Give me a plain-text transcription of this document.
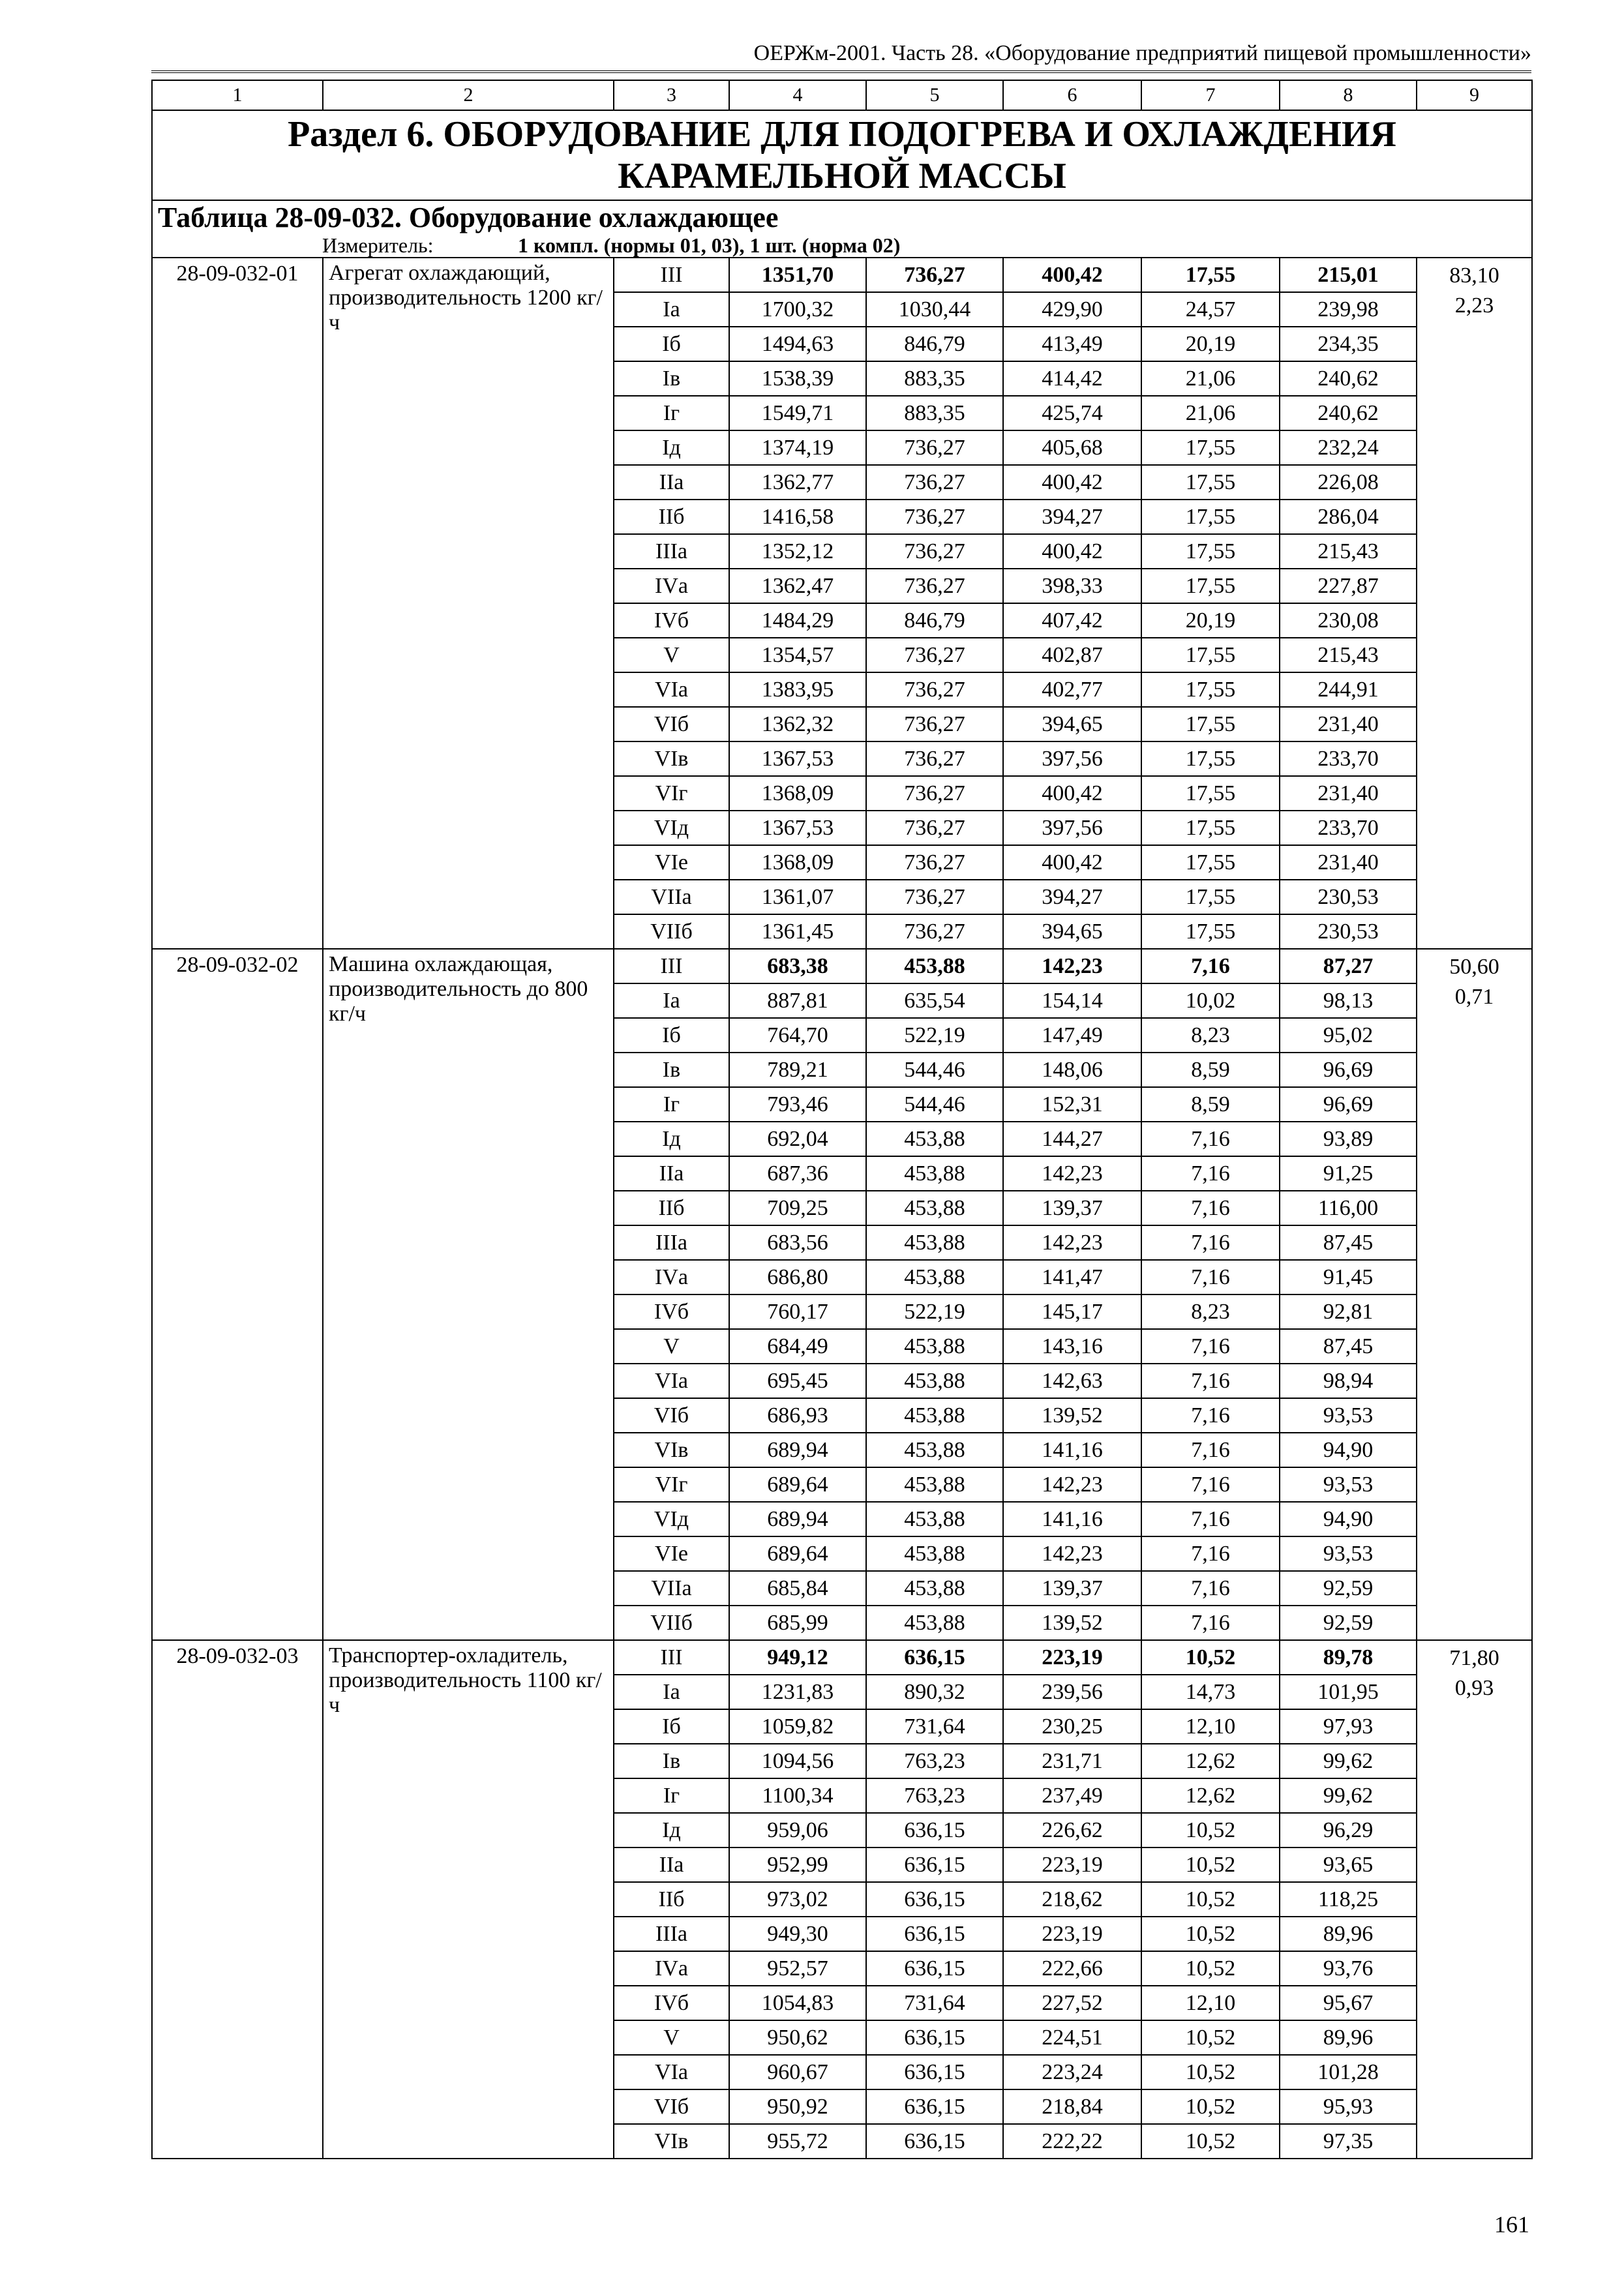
ОЕРЖм-2001. Часть 28. «Оборудование предприятий пищевой промышленности»
1	2	3	4	5	6	7	8	9
Раздел 6. ОБОРУДОВАНИЕ ДЛЯ ПОДОГРЕВА И ОХЛАЖДЕНИЯ КАРАМЕЛЬНОЙ МАССЫ								

Таблица 28-09-032. Оборудование охлаждающее
Измеритель: 1 компл. (нормы 01, 03), 1 шт. (норма 02)								

28-09-032-01	Агрегат охлаждающий, производительность 1200 кг/ч	III	1351,70	736,27	400,42	17,55	215,01	83,10
2,23

		Iа	1700,32	1030,44	429,90	24,57	239,98	
		Iб	1494,63	846,79	413,49	20,19	234,35	
		Iв	1538,39	883,35	414,42	21,06	240,62	
		Iг	1549,71	883,35	425,74	21,06	240,62	
		Iд	1374,19	736,27	405,68	17,55	232,24	
		IIа	1362,77	736,27	400,42	17,55	226,08	
		IIб	1416,58	736,27	394,27	17,55	286,04	
		IIIа	1352,12	736,27	400,42	17,55	215,43	
		IVа	1362,47	736,27	398,33	17,55	227,87	
		IVб	1484,29	846,79	407,42	20,19	230,08	
		V	1354,57	736,27	402,87	17,55	215,43	
		VIа	1383,95	736,27	402,77	17,55	244,91	
		VIб	1362,32	736,27	394,65	17,55	231,40	
		VIв	1367,53	736,27	397,56	17,55	233,70	
		VIг	1368,09	736,27	400,42	17,55	231,40	
		VIд	1367,53	736,27	397,56	17,55	233,70	
		VIе	1368,09	736,27	400,42	17,55	231,40	
		VIIа	1361,07	736,27	394,27	17,55	230,53	
		VIIб	1361,45	736,27	394,65	17,55	230,53	
28-09-032-02	Машина охлаждающая, производительность до 800 кг/ч	III	683,38	453,88	142,23	7,16	87,27	50,60
0,71

		Iа	887,81	635,54	154,14	10,02	98,13	
		Iб	764,70	522,19	147,49	8,23	95,02	
		Iв	789,21	544,46	148,06	8,59	96,69	
		Iг	793,46	544,46	152,31	8,59	96,69	
		Iд	692,04	453,88	144,27	7,16	93,89	
		IIа	687,36	453,88	142,23	7,16	91,25	
		IIб	709,25	453,88	139,37	7,16	116,00	
		IIIа	683,56	453,88	142,23	7,16	87,45	
		IVа	686,80	453,88	141,47	7,16	91,45	
		IVб	760,17	522,19	145,17	8,23	92,81	
		V	684,49	453,88	143,16	7,16	87,45	
		VIа	695,45	453,88	142,63	7,16	98,94	
		VIб	686,93	453,88	139,52	7,16	93,53	
		VIв	689,94	453,88	141,16	7,16	94,90	
		VIг	689,64	453,88	142,23	7,16	93,53	
		VIд	689,94	453,88	141,16	7,16	94,90	
		VIе	689,64	453,88	142,23	7,16	93,53	
		VIIа	685,84	453,88	139,37	7,16	92,59	
		VIIб	685,99	453,88	139,52	7,16	92,59	
28-09-032-03	Транспортер-охладитель, производительность 1100 кг/ч	III	949,12	636,15	223,19	10,52	89,78	71,80
0,93

		Iа	1231,83	890,32	239,56	14,73	101,95	
		Iб	1059,82	731,64	230,25	12,10	97,93	
		Iв	1094,56	763,23	231,71	12,62	99,62	
		Iг	1100,34	763,23	237,49	12,62	99,62	
		Iд	959,06	636,15	226,62	10,52	96,29	
		IIа	952,99	636,15	223,19	10,52	93,65	
		IIб	973,02	636,15	218,62	10,52	118,25	
		IIIа	949,30	636,15	223,19	10,52	89,96	
		IVа	952,57	636,15	222,66	10,52	93,76	
		IVб	1054,83	731,64	227,52	12,10	95,67	
		V	950,62	636,15	224,51	10,52	89,96	
		VIа	960,67	636,15	223,24	10,52	101,28	
		VIб	950,92	636,15	218,84	10,52	95,93	
		VIв	955,72	636,15	222,22	10,52	97,35	
161
